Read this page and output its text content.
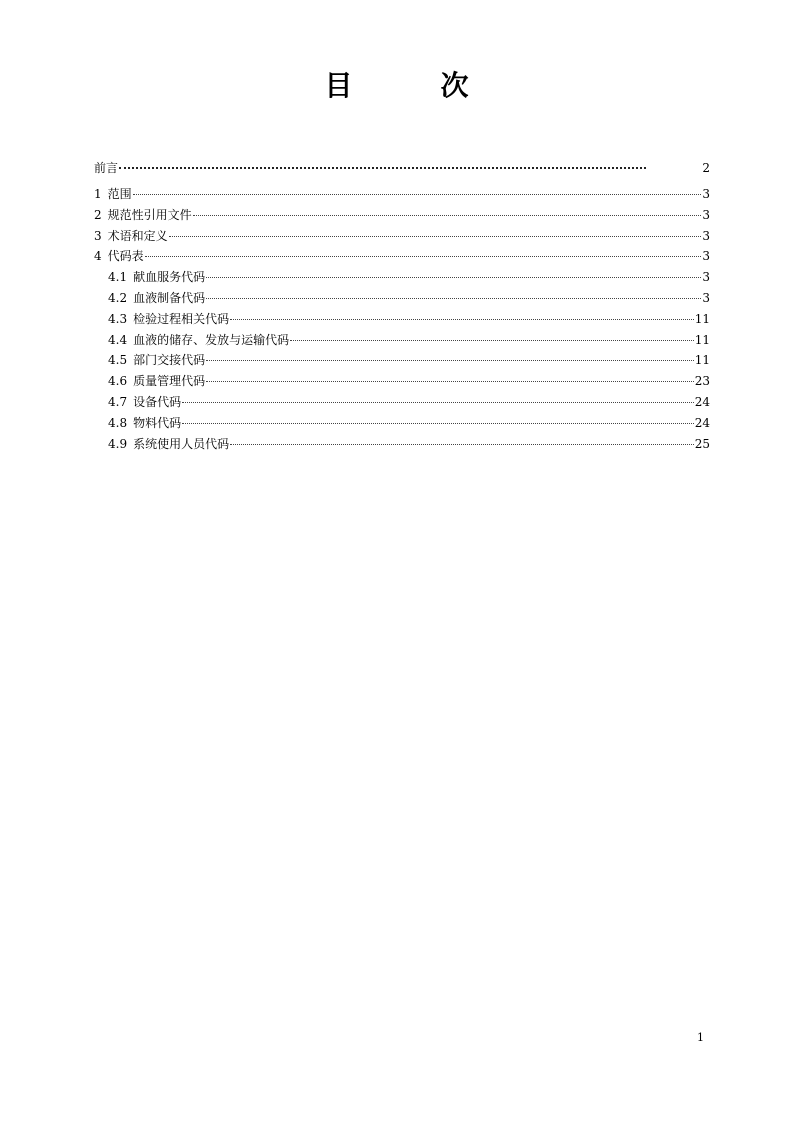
目　次
前言	2
1 范围	3
2 规范性引用文件	3
3 术语和定义	3
4 代码表	3
4.1 献血服务代码	3
4.2 血液制备代码	3
4.3 检验过程相关代码	11
4.4 血液的储存、发放与运输代码	11
4.5 部门交接代码	11
4.6 质量管理代码	23
4.7 设备代码	24
4.8 物料代码	24
4.9 系统使用人员代码	25
1
